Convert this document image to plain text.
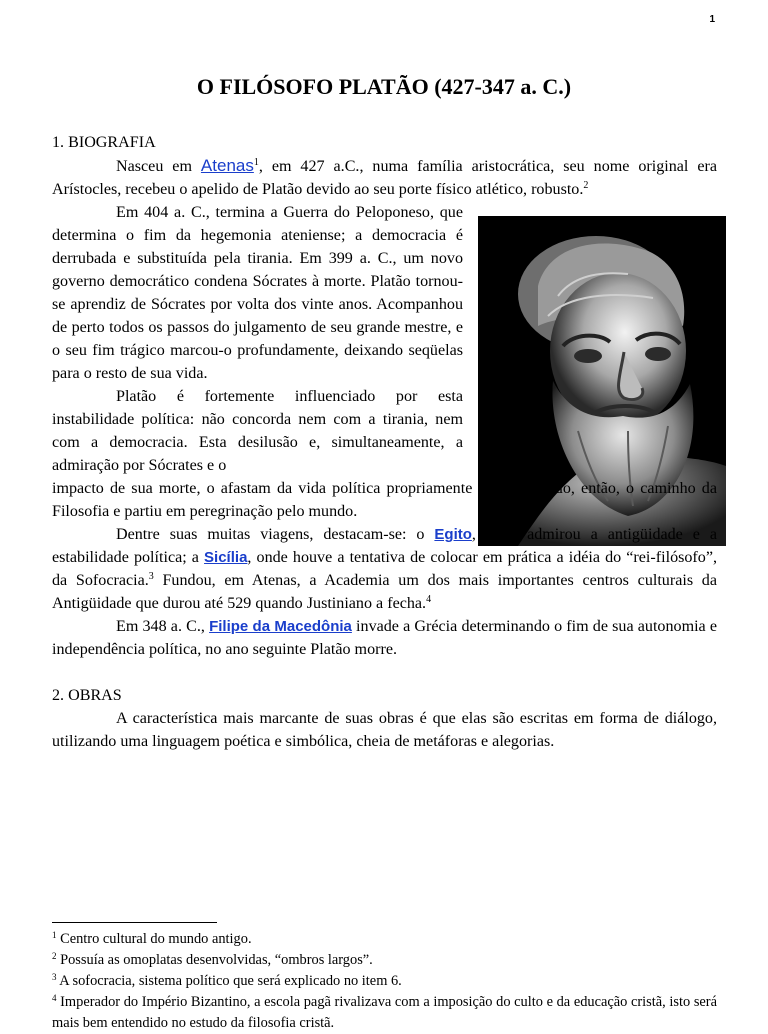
1
O FILÓSOFO PLATÃO (427-347 a. C.)

1. BIOGRAFIA

Nasceu em Atenas$^1$, em 427 a.C., numa família aristocrática, seu nome original era Arístocles, recebeu o apelido de Platão devido ao seu porte físico atlético, robusto.$^2$

Em 404 a. C., termina a Guerra do Peloponeso, que determina o fim da hegemonia ateniense; a democracia é derrubada e substituída pela tirania. Em 399 a. C., um novo governo democrático condena Sócrates à morte. Platão tornou-se aprendiz de Sócrates por volta dos vinte anos. Acompanhou de perto todos os passos do julgamento de seu grande mestre, e o seu fim trágico marcou-o profundamente, deixando seqüelas para o resto de sua vida.

Platão é fortemente influenciado por esta instabilidade política: não concorda nem com a tirania, nem com a democracia. Esta desilusão e, simultaneamente, a admiração por Sócrates e o

impacto de sua morte, o afastam da vida política propriamente dita, trilhando, então, o caminho da Filosofia e partiu em peregrinação pelo mundo.

Dentre suas muitas viagens, destacam-se: o Egito, onde admirou a antigüidade e a estabilidade política; a Sicília, onde houve a tentativa de colocar em prática a idéia do “rei-filósofo”, da Sofocracia.$^3$ Fundou, em Atenas, a Academia um dos mais importantes centros culturais da Antigüidade que durou até 529 quando Justiniano a fecha.$^4$

Em 348 a. C., Filipe da Macedônia invade a Grécia determinando o fim de sua autonomia e independência política, no ano seguinte Platão morre.

2. OBRAS

A característica mais marcante de suas obras é que elas são escritas em forma de diálogo, utilizando uma linguagem poética e simbólica, cheia de metáforas e alegorias.

$^1$ Centro cultural do mundo antigo.

$^2$ Possuía as omoplatas desenvolvidas, “ombros largos”.

$^3$ A sofocracia, sistema político que será explicado no item 6.

$^4$ Imperador do Império Bizantino, a escola pagã rivalizava com a imposição do culto e da educação cristã, isto será mais bem entendido no estudo da filosofia cristã.
